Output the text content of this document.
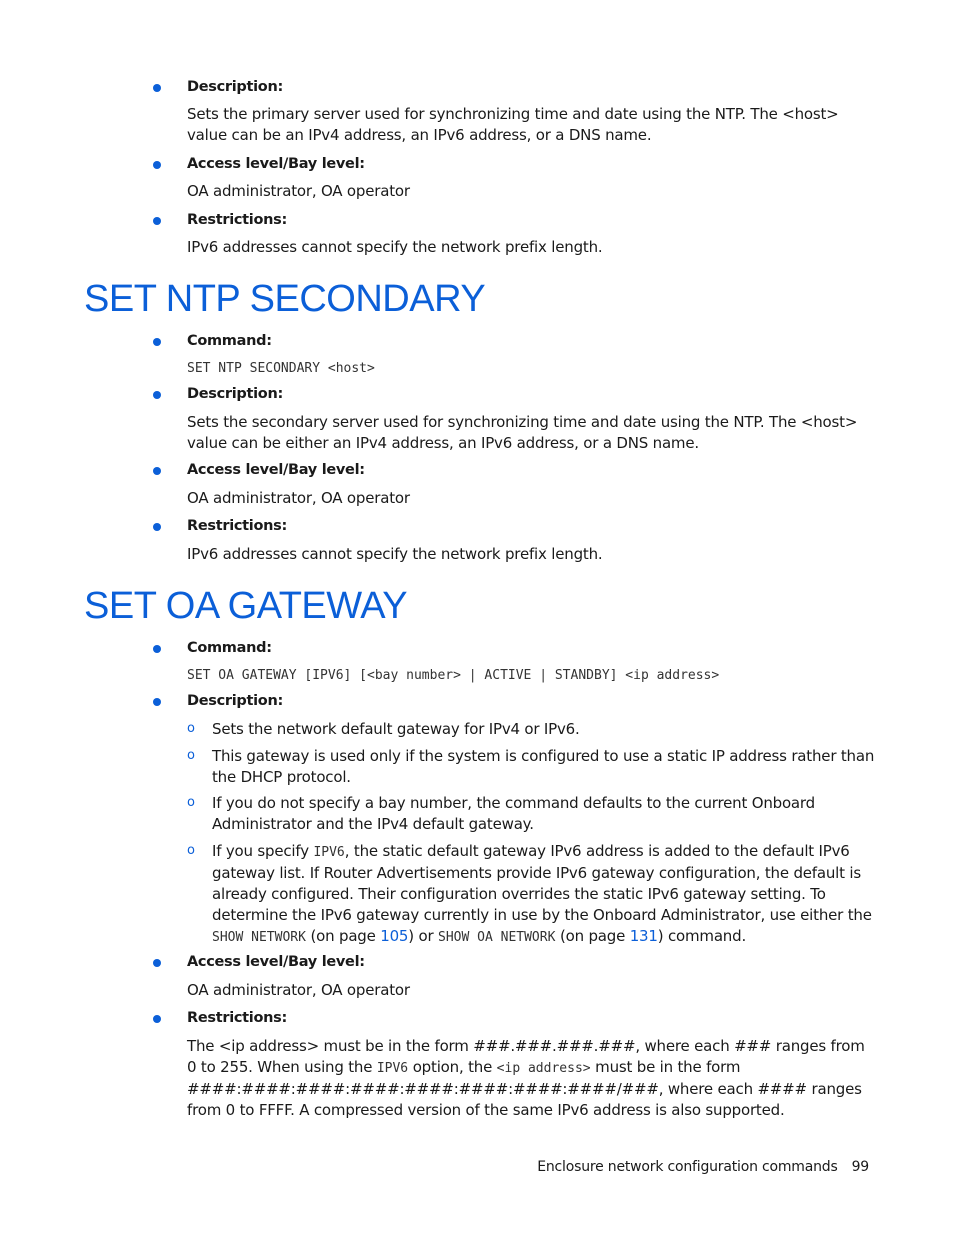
Description:
Sets the primary server used for synchronizing time and date using the NTP. The <host> value can be an IPv4 address, an IPv6 address, or a DNS name.
Access level/Bay level:
OA administrator, OA operator
Restrictions:
IPv6 addresses cannot specify the network prefix length.
SET NTP SECONDARY
Command:
SET NTP SECONDARY <host>
Description:
Sets the secondary server used for synchronizing time and date using the NTP. The <host> value can be either an IPv4 address, an IPv6 address, or a DNS name.
Access level/Bay level:
OA administrator, OA operator
Restrictions:
IPv6 addresses cannot specify the network prefix length.
SET OA GATEWAY
Command:
SET OA GATEWAY [IPV6] [<bay number> | ACTIVE | STANDBY] <ip address>
Description:
o Sets the network default gateway for IPv4 or IPv6.
o This gateway is used only if the system is configured to use a static IP address rather than the DHCP protocol.
o If you do not specify a bay number, the command defaults to the current Onboard Administrator and the IPv4 default gateway.
o If you specify IPV6, the static default gateway IPv6 address is added to the default IPv6 gateway list. If Router Advertisements provide IPv6 gateway configuration, the default is already configured. Their configuration overrides the static IPv6 gateway setting. To determine the IPv6 gateway currently in use by the Onboard Administrator, use either the SHOW NETWORK (on page 105) or SHOW OA NETWORK (on page 131) command.
Access level/Bay level:
OA administrator, OA operator
Restrictions:
The <ip address> must be in the form ###.###.###.###, where each ### ranges from 0 to 255. When using the IPV6 option, the <ip address> must be in the form ####:####:####:####:####:####:####:####/###, where each #### ranges from 0 to FFFF. A compressed version of the same IPv6 address is also supported.
Enclosure network configuration commands 99
